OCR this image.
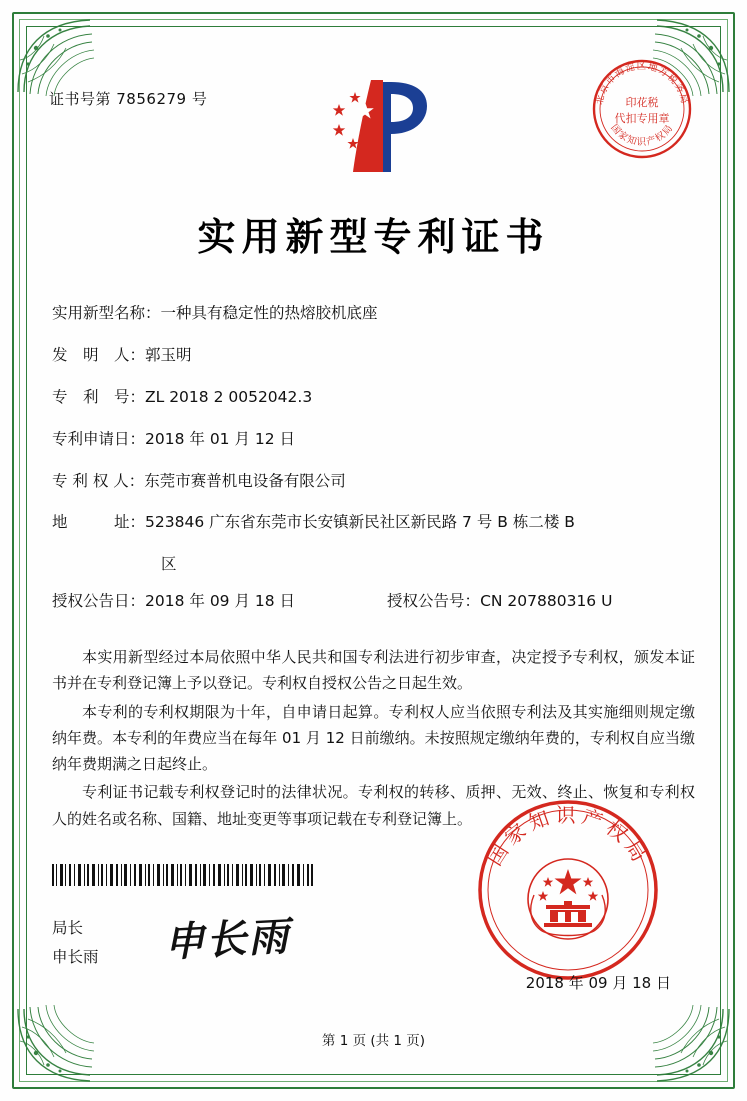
证书号第 7856279 号	北京市海淀区地方税务局
国家知识产权局
印花税
代扣专用章
实用新型专利证书
实用新型名称： 一种具有稳定性的热熔胶机底座
发　明　人： 郭玉明
专　利　号： ZL 2018 2 0052042.3
专利申请日： 2018 年 01 月 12 日
专 利 权 人： 东莞市赛普机电设备有限公司
地　　　址： 523846 广东省东莞市长安镇新民社区新民路 7 号 B 栋二楼 B
区
授权公告日： 2018 年 09 月 18 日	授权公告号： CN 207880316 U

本实用新型经过本局依照中华人民共和国专利法进行初步审查，决定授予专利权，颁发本证书并在专利登记簿上予以登记。专利权自授权公告之日起生效。

本专利的专利权期限为十年，自申请日起算。专利权人应当依照专利法及其实施细则规定缴纳年费。本专利的年费应当在每年 01 月 12 日前缴纳。未按照规定缴纳年费的，专利权自应当缴纳年费期满之日起终止。

专利证书记载专利权登记时的法律状况。专利权的转移、质押、无效、终止、恢复和专利权人的姓名或名称、国籍、地址变更等事项记载在专利登记簿上。

局长
申长雨 申长雨
国家知识产权局
2018 年 09 月 18 日
第 1 页 (共 1 页)
